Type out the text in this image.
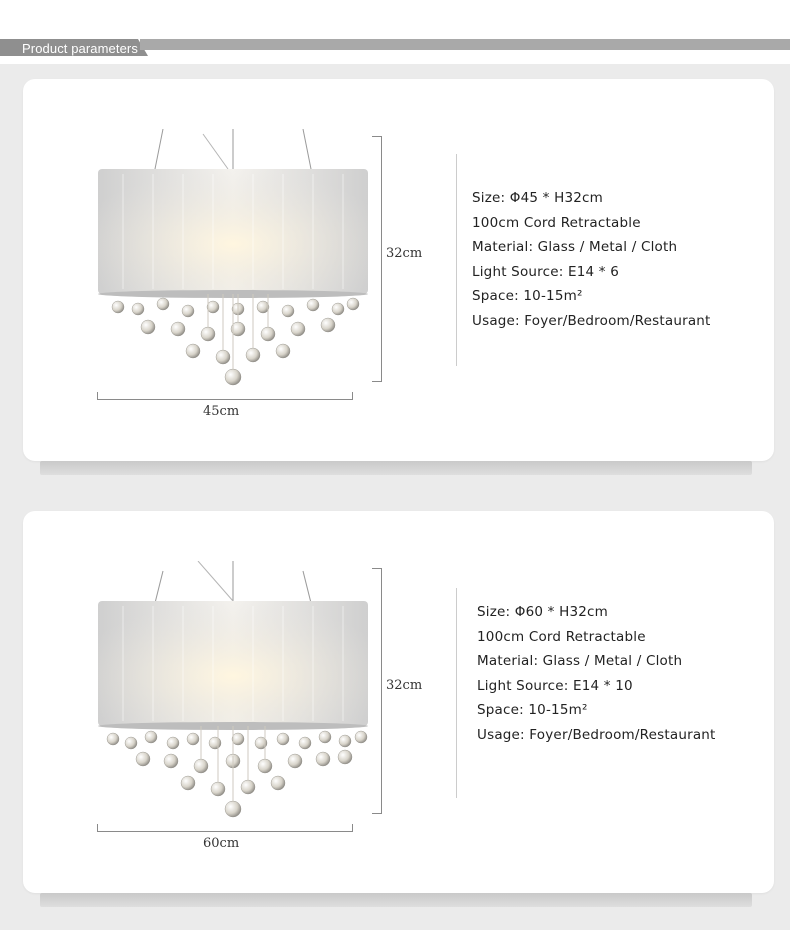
Product parameters
32cm
45cm
Size: Φ45 * H32cm
100cm Cord Retractable
Material: Glass / Metal / Cloth
Light Source: E14 * 6
Space: 10-15m²
Usage: Foyer/Bedroom/Restaurant
32cm
60cm
Size: Φ60 * H32cm
100cm Cord Retractable
Material: Glass / Metal / Cloth
Light Source: E14 * 10
Space: 10-15m²
Usage: Foyer/Bedroom/Restaurant
